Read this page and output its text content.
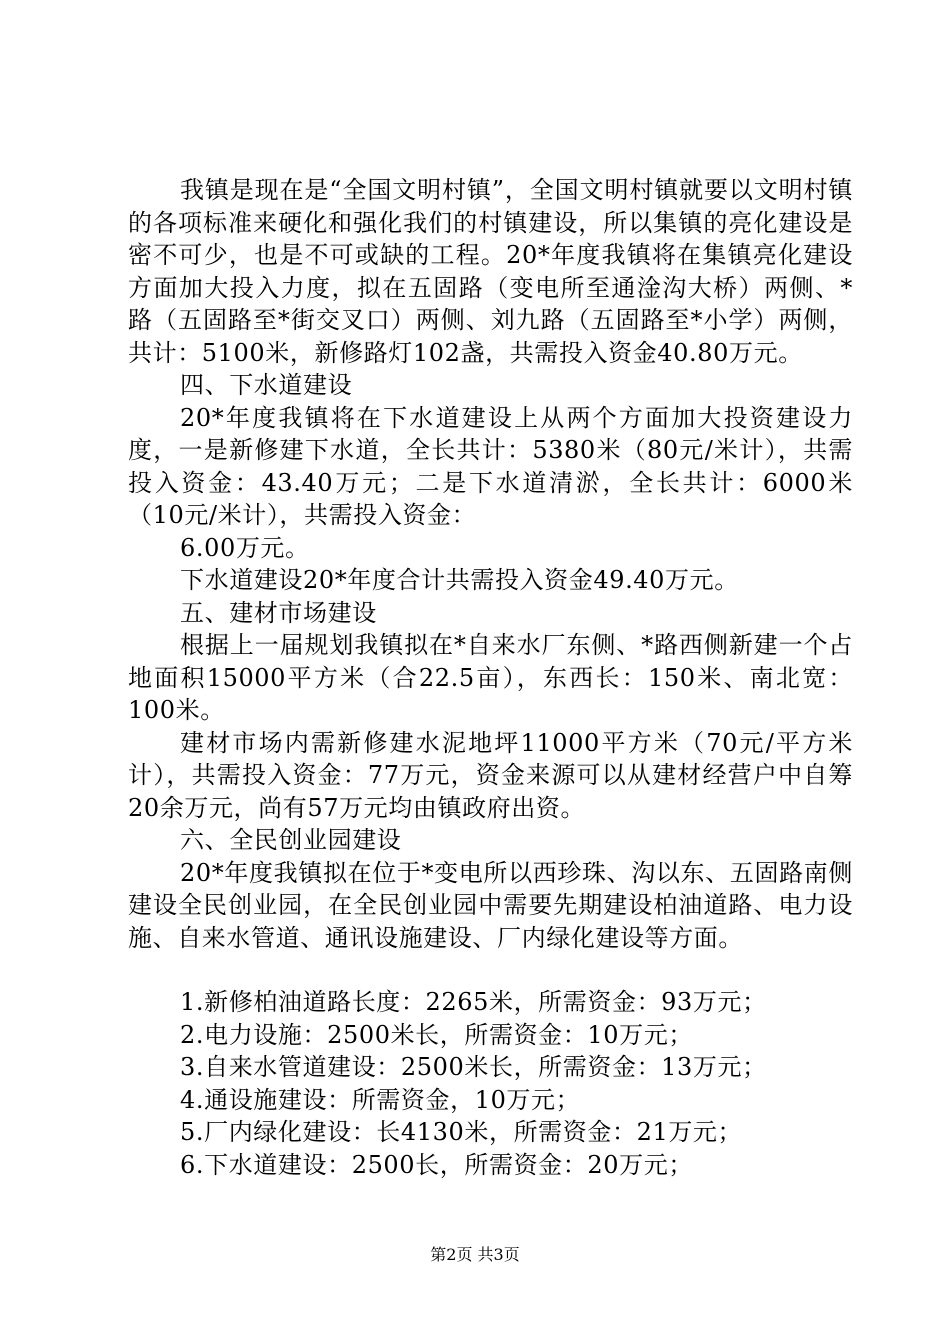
我镇是现在是“全国文明村镇”，全国文明村镇就要以文明村镇的各项标准来硬化和强化我们的村镇建设，所以集镇的亮化建设是密不可少，也是不可或缺的工程。20*年度我镇将在集镇亮化建设方面加大投入力度，拟在五固路（变电所至通淦沟大桥）两侧、*路（五固路至*街交叉口）两侧、刘九路（五固路至*小学）两侧，共计：5100米，新修路灯102盏，共需投入资金40.80万元。

四、下水道建设

20*年度我镇将在下水道建设上从两个方面加大投资建设力度，一是新修建下水道，全长共计：5380米（80元/米计），共需投入资金：43.40万元；二是下水道清淤，全长共计：6000米（10元/米计），共需投入资金：

6.00万元。

下水道建设20*年度合计共需投入资金49.40万元。

五、建材市场建设

根据上一届规划我镇拟在*自来水厂东侧、*路西侧新建一个占地面积15000平方米（合22.5亩），东西长：150米、南北宽：100米。

建材市场内需新修建水泥地坪11000平方米（70元/平方米计），共需投入资金：77万元，资金来源可以从建材经营户中自筹20余万元，尚有57万元均由镇政府出资。

六、全民创业园建设

20*年度我镇拟在位于*变电所以西珍珠、沟以东、五固路南侧建设全民创业园，在全民创业园中需要先期建设柏油道路、电力设施、自来水管道、通讯设施建设、厂内绿化建设等方面。

1.新修柏油道路长度：2265米，所需资金：93万元；

2.电力设施：2500米长，所需资金：10万元；

3.自来水管道建设：2500米长，所需资金：13万元；

4.通设施建设：所需资金，10万元；

5.厂内绿化建设：长4130米，所需资金：21万元；

6.下水道建设：2500长，所需资金：20万元；

第2页 共3页
